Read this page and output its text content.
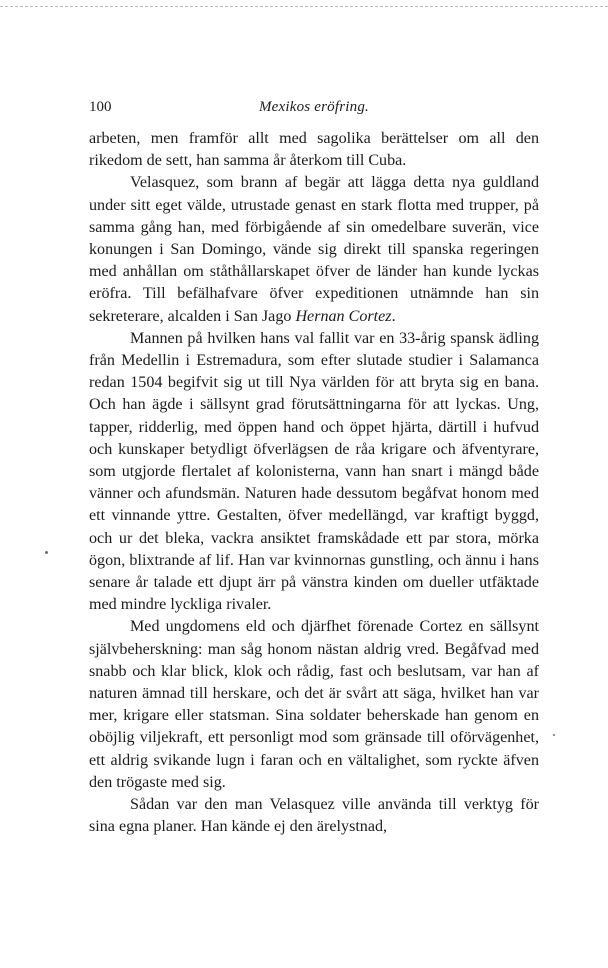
100	Mexikos eröfring.

arbeten, men framför allt med sagolika berättelser om all den rikedom de sett, han samma år återkom till Cuba.

Velasquez, som brann af begär att lägga detta nya guldland under sitt eget välde, utrustade genast en stark flotta med trupper, på samma gång han, med förbigående af sin omedelbare suverän, vice konungen i San Domingo, vände sig direkt till spanska regeringen med anhållan om ståthållarskapet öfver de länder han kunde lyckas eröfra. Till befälhafvare öfver expeditionen utnämnde han sin sekreterare, alcalden i San Jago Hernan Cortez.

Mannen på hvilken hans val fallit var en 33-årig spansk ädling från Medellin i Estremadura, som efter slutade studier i Salamanca redan 1504 begifvit sig ut till Nya världen för att bryta sig en bana. Och han ägde i sällsynt grad förutsättningarna för att lyckas. Ung, tapper, ridderlig, med öppen hand och öppet hjärta, därtill i hufvud och kunskaper betydligt öfverlägsen de råa krigare och äfventyrare, som utgjorde flertalet af kolonisterna, vann han snart i mängd både vänner och afundsmän. Naturen hade dessutom begåfvat honom med ett vinnande yttre. Gestalten, öfver medellängd, var kraftigt byggd, och ur det bleka, vackra ansiktet framskådade ett par stora, mörka ögon, blixtrande af lif. Han var kvinnornas gunstling, och ännu i hans senare år talade ett djupt ärr på vänstra kinden om dueller utfäktade med mindre lyckliga rivaler.

Med ungdomens eld och djärfhet förenade Cortez en sällsynt självbeherskning: man såg honom nästan aldrig vred. Begåfvad med snabb och klar blick, klok och rådig, fast och beslutsam, var han af naturen ämnad till herskare, och det är svårt att säga, hvilket han var mer, krigare eller statsman. Sina soldater beherskade han genom en oböjlig viljekraft, ett personligt mod som gränsade till oförvägenhet, ett aldrig svikande lugn i faran och en vältalighet, som ryckte äfven den trögaste med sig.

Sådan var den man Velasquez ville använda till verktyg för sina egna planer. Han kände ej den ärelystnad,
